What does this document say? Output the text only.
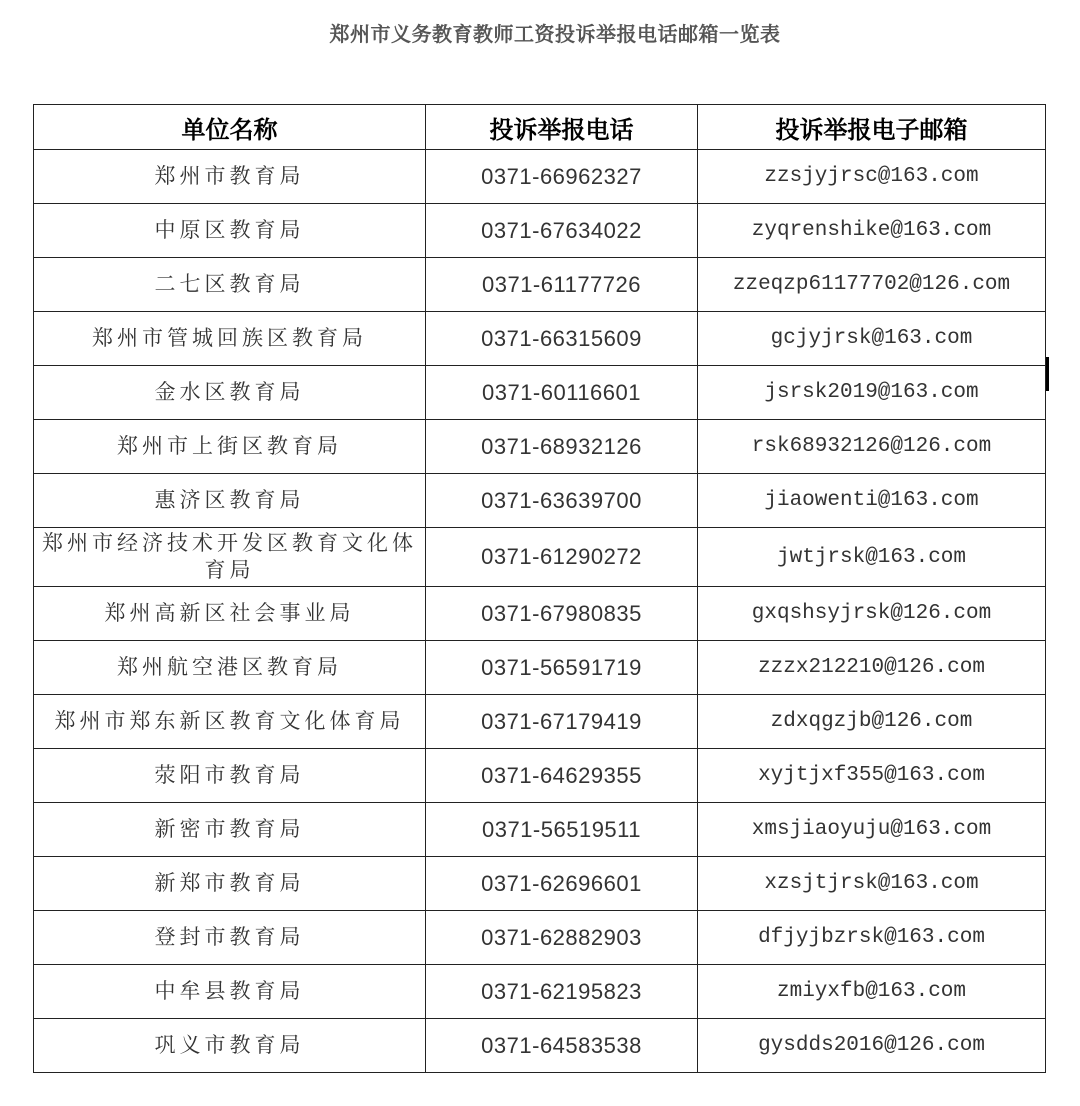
郑州市义务教育教师工资投诉举报电话邮箱一览表
单位名称	投诉举报电话	投诉举报电子邮箱
郑州市教育局	0371-66962327	zzsjyjrsc@163.com
中原区教育局	0371-67634022	zyqrenshike@163.com
二七区教育局	0371-61177726	zzeqzp61177702@126.com
郑州市管城回族区教育局	0371-66315609	gcjyjrsk@163.com
金水区教育局	0371-60116601	jsrsk2019@163.com
郑州市上街区教育局	0371-68932126	rsk68932126@126.com
惠济区教育局	0371-63639700	jiaowenti@163.com
郑州市经济技术开发区教育文化体育局	0371-61290272	jwtjrsk@163.com
郑州高新区社会事业局	0371-67980835	gxqshsyjrsk@126.com
郑州航空港区教育局	0371-56591719	zzzx212210@126.com
郑州市郑东新区教育文化体育局	0371-67179419	zdxqgzjb@126.com
荥阳市教育局	0371-64629355	xyjtjxf355@163.com
新密市教育局	0371-56519511	xmsjiaoyuju@163.com
新郑市教育局	0371-62696601	xzsjtjrsk@163.com
登封市教育局	0371-62882903	dfjyjbzrsk@163.com
中牟县教育局	0371-62195823	zmiyxfb@163.com
巩义市教育局	0371-64583538	gysdds2016@126.com
